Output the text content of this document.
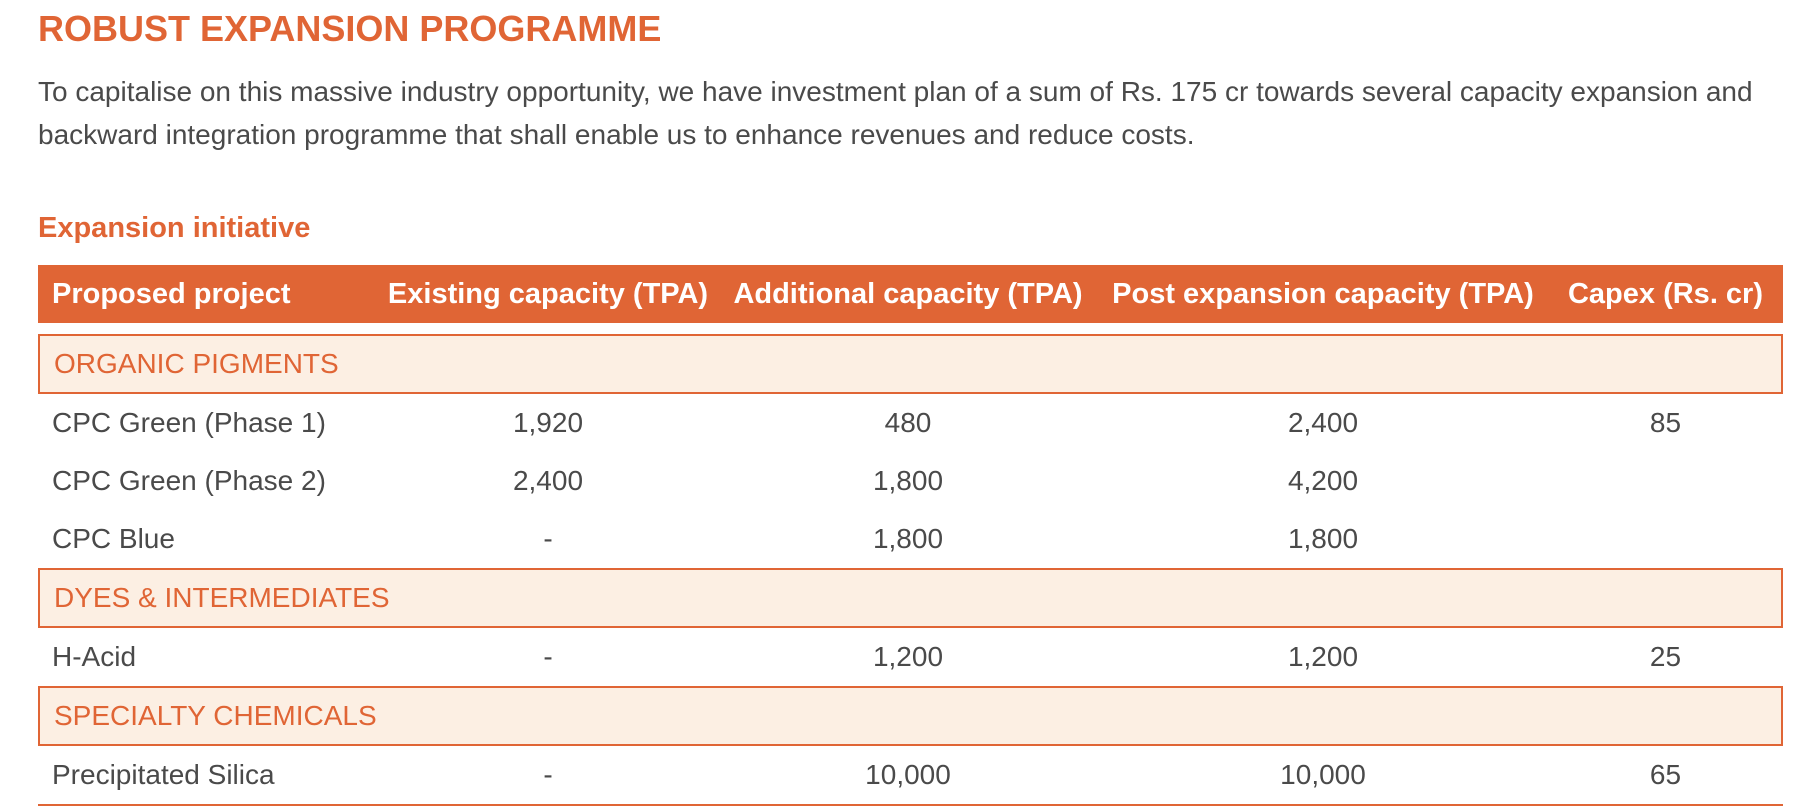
ROBUST EXPANSION PROGRAMME

To capitalise on this massive industry opportunity, we have investment plan of a sum of Rs. 175 cr towards several capacity expansion and backward integration programme that shall enable us to enhance revenues and reduce costs.

Expansion initiative
Proposed project	Existing capacity (TPA)	Additional capacity (TPA)	Post expansion capacity (TPA)	Capex (Rs. cr)
ORGANIC PIGMENTS				
CPC Green (Phase 1)	1,920	480	2,400	85
CPC Green (Phase 2)	2,400	1,800	4,200	
CPC Blue	-	1,800	1,800	
DYES & INTERMEDIATES				
H-Acid	-	1,200	1,200	25
SPECIALTY CHEMICALS				
Precipitated Silica	-	10,000	10,000	65
